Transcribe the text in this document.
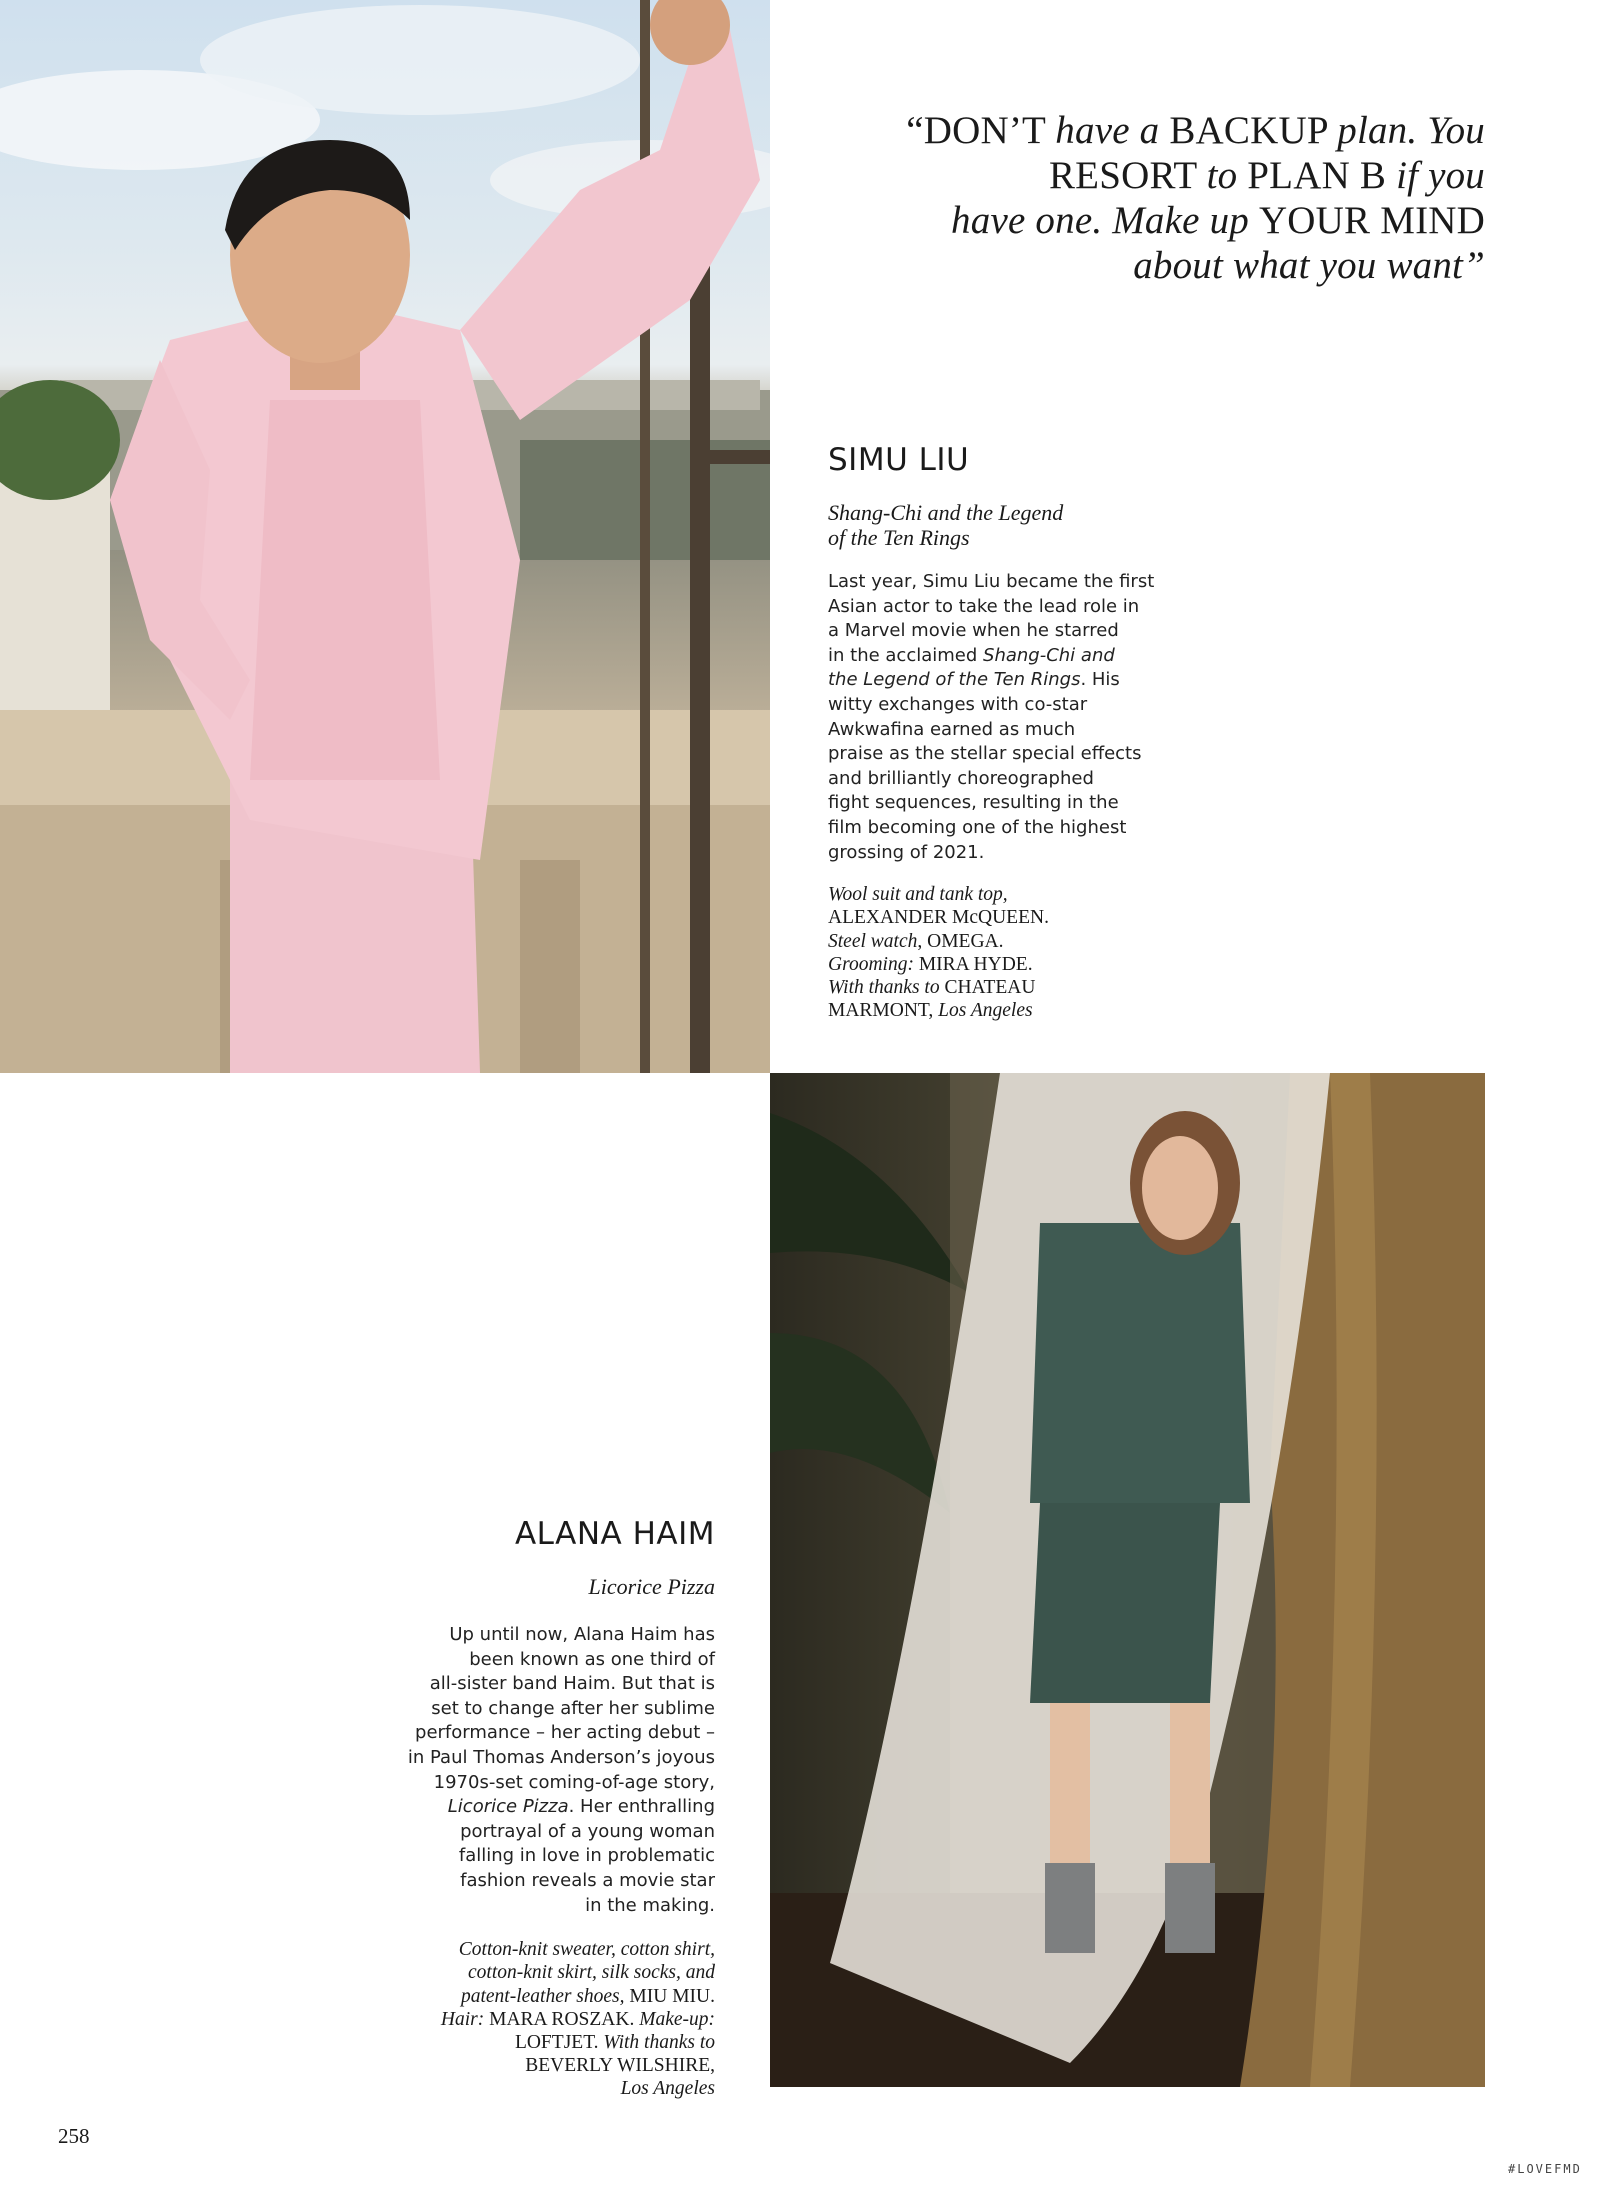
“DON’T have a BACKUP plan. You
RESORT to PLAN B if you
have one. Make up YOUR MIND
about what you want”
SIMU LIU

Shang-Chi and the Legend
of the Ten Rings

Last year, Simu Liu became the first
Asian actor to take the lead role in
a Marvel movie when he starred
in the acclaimed Shang-Chi and
the Legend of the Ten Rings. His
witty exchanges with co-star
Awkwafina earned as much
praise as the stellar special effects
and brilliantly choreographed
fight sequences, resulting in the
film becoming one of the highest
grossing of 2021.

Wool suit and tank top,
ALEXANDER McQUEEN.
Steel watch, OMEGA.
Grooming: MIRA HYDE.
With thanks to CHATEAU
MARMONT, Los Angeles

ALANA HAIM

Licorice Pizza

Up until now, Alana Haim has
been known as one third of
all-sister band Haim. But that is
set to change after her sublime
performance – her acting debut –
in Paul Thomas Anderson’s joyous
1970s-set coming-of-age story,
Licorice Pizza. Her enthralling
portrayal of a young woman
falling in love in problematic
fashion reveals a movie star
in the making.

Cotton-knit sweater, cotton shirt,
cotton-knit skirt, silk socks, and
patent-leather shoes, MIU MIU.
Hair: MARA ROSZAK. Make-up:
LOFTJET. With thanks to
BEVERLY WILSHIRE,
Los Angeles

258
#LOVEFMD
